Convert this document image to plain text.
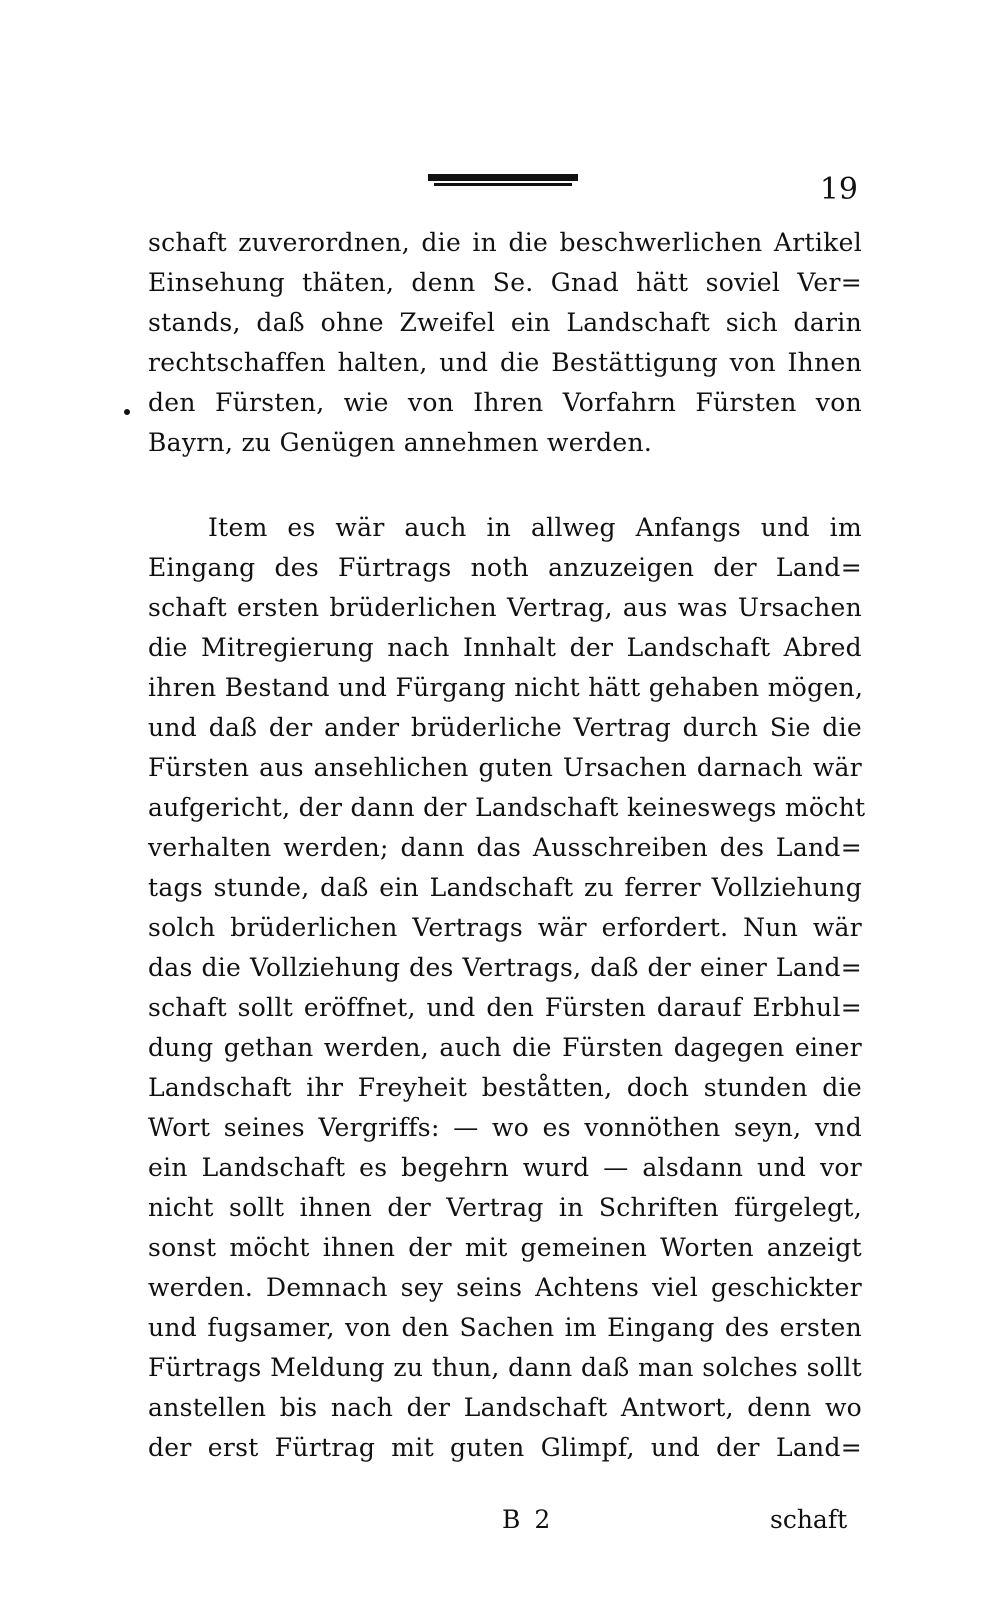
19
schaft zuverordnen, die in die beschwerlichen Artikel
Einsehung thäten, denn Se. Gnad hätt soviel Ver=
stands, daß ohne Zweifel ein Landschaft sich darin
rechtschaffen halten, und die Bestättigung von Ihnen
den Fürsten, wie von Ihren Vorfahrn Fürsten von
Bayrn, zu Genügen annehmen werden.
Item es wär auch in allweg Anfangs und im
Eingang des Fürtrags noth anzuzeigen der Land=
schaft ersten brüderlichen Vertrag, aus was Ursachen
die Mitregierung nach Innhalt der Landschaft Abred
ihren Bestand und Fürgang nicht hätt gehaben mögen,
und daß der ander brüderliche Vertrag durch Sie die
Fürsten aus ansehlichen guten Ursachen darnach wär
aufgericht, der dann der Landschaft keineswegs möcht
verhalten werden; dann das Ausschreiben des Land=
tags stunde, daß ein Landschaft zu ferrer Vollziehung
solch brüderlichen Vertrags wär erfordert. Nun wär
das die Vollziehung des Vertrags, daß der einer Land=
schaft sollt eröffnet, und den Fürsten darauf Erbhul=
dung gethan werden, auch die Fürsten dagegen einer
Landschaft ihr Freyheit beståtten, doch stunden die
Wort seines Vergriffs: — wo es vonnöthen seyn, vnd
ein Landschaft es begehrn wurd — alsdann und vor
nicht sollt ihnen der Vertrag in Schriften fürgelegt,
sonst möcht ihnen der mit gemeinen Worten anzeigt
werden. Demnach sey seins Achtens viel geschickter
und fugsamer, von den Sachen im Eingang des ersten
Fürtrags Meldung zu thun, dann daß man solches sollt
anstellen bis nach der Landschaft Antwort, denn wo
der erst Fürtrag mit guten Glimpf, und der Land=
B 2	schaft
